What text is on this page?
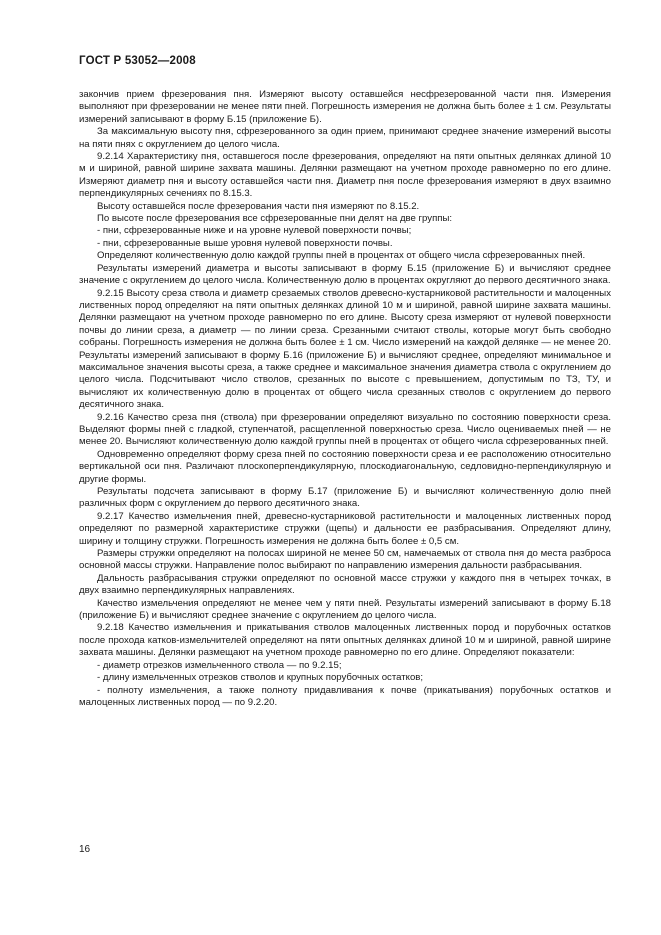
ГОСТ Р 53052—2008

закончив прием фрезерования пня. Измеряют высоту оставшейся несфрезерованной части пня. Измерения выполняют при фрезеровании не менее пяти пней. Погрешность измерения не должна быть более ± 1 см. Результаты измерений записывают в форму Б.15 (приложение Б).

За максимальную высоту пня, сфрезерованного за один прием, принимают среднее значение измерений высоты на пяти пнях с округлением до целого числа.

9.2.14 Характеристику пня, оставшегося после фрезерования, определяют на пяти опытных делянках длиной 10 м и шириной, равной ширине захвата машины. Делянки размещают на учетном проходе равномерно по его длине. Измеряют диаметр пня и высоту оставшейся части пня. Диаметр пня после фрезерования измеряют в двух взаимно перпендикулярных сечениях по 8.15.3.

Высоту оставшейся после фрезерования части пня измеряют по 8.15.2.

По высоте после фрезерования все сфрезерованные пни делят на две группы:

- пни, сфрезерованные ниже и на уровне нулевой поверхности почвы;

- пни, сфрезерованные выше уровня нулевой поверхности почвы.

Определяют количественную долю каждой группы пней в процентах от общего числа сфрезерованных пней.

Результаты измерений диаметра и высоты записывают в форму Б.15 (приложение Б) и вычисляют среднее значение с округлением до целого числа. Количественную долю в процентах округляют до первого десятичного знака.

9.2.15 Высоту среза ствола и диаметр срезаемых стволов древесно-кустарниковой растительности и малоценных лиственных пород определяют на пяти опытных делянках длиной 10 м и шириной, равной ширине захвата машины. Делянки размещают на учетном проходе равномерно по его длине. Высоту среза измеряют от нулевой поверхности почвы до линии среза, а диаметр — по линии среза. Срезанными считают стволы, которые могут быть свободно собраны. Погрешность измерения не должна быть более ± 1 см. Число измерений на каждой делянке — не менее 20. Результаты измерений записывают в форму Б.16 (приложение Б) и вычисляют среднее, определяют минимальное и максимальное значения высоты среза, а также среднее и максимальное значения диаметра ствола с округлением до целого числа. Подсчитывают число стволов, срезанных по высоте с превышением, допустимым по ТЗ, ТУ, и вычисляют их количественную долю в процентах от общего числа срезанных стволов с округлением до первого десятичного знака.

9.2.16 Качество среза пня (ствола) при фрезеровании определяют визуально по состоянию поверхности среза. Выделяют формы пней с гладкой, ступенчатой, расщепленной поверхностью среза. Число оцениваемых пней — не менее 20. Вычисляют количественную долю каждой группы пней в процентах от общего числа сфрезерованных пней.

Одновременно определяют форму среза пней по состоянию поверхности среза и ее расположению относительно вертикальной оси пня. Различают плоскоперпендикулярную, плоскодиагональную, седловидно-перпендикулярную и другие формы.

Результаты подсчета записывают в форму Б.17 (приложение Б) и вычисляют количественную долю пней различных форм с округлением до первого десятичного знака.

9.2.17 Качество измельчения пней, древесно-кустарниковой растительности и малоценных лиственных пород определяют по размерной характеристике стружки (щепы) и дальности ее разбрасывания. Определяют длину, ширину и толщину стружки. Погрешность измерения не должна быть более ± 0,5 см.

Размеры стружки определяют на полосах шириной не менее 50 см, намечаемых от ствола пня до места разброса основной массы стружки. Направление полос выбирают по направлению измерения дальности разбрасывания.

Дальность разбрасывания стружки определяют по основной массе стружки у каждого пня в четырех точках, в двух взаимно перпендикулярных направлениях.

Качество измельчения определяют не менее чем у пяти пней. Результаты измерений записывают в форму Б.18 (приложение Б) и вычисляют среднее значение с округлением до целого числа.

9.2.18 Качество измельчения и прикатывания стволов малоценных лиственных пород и порубочных остатков после прохода катков-измельчителей определяют на пяти опытных делянках длиной 10 м и шириной, равной ширине захвата машины. Делянки размещают на учетном проходе равномерно по его длине. Определяют показатели:

- диаметр отрезков измельченного ствола — по 9.2.15;

- длину измельченных отрезков стволов и крупных порубочных остатков;

- полноту измельчения, а также полноту придавливания к почве (прикатывания) порубочных остатков и малоценных лиственных пород — по 9.2.20.

16
